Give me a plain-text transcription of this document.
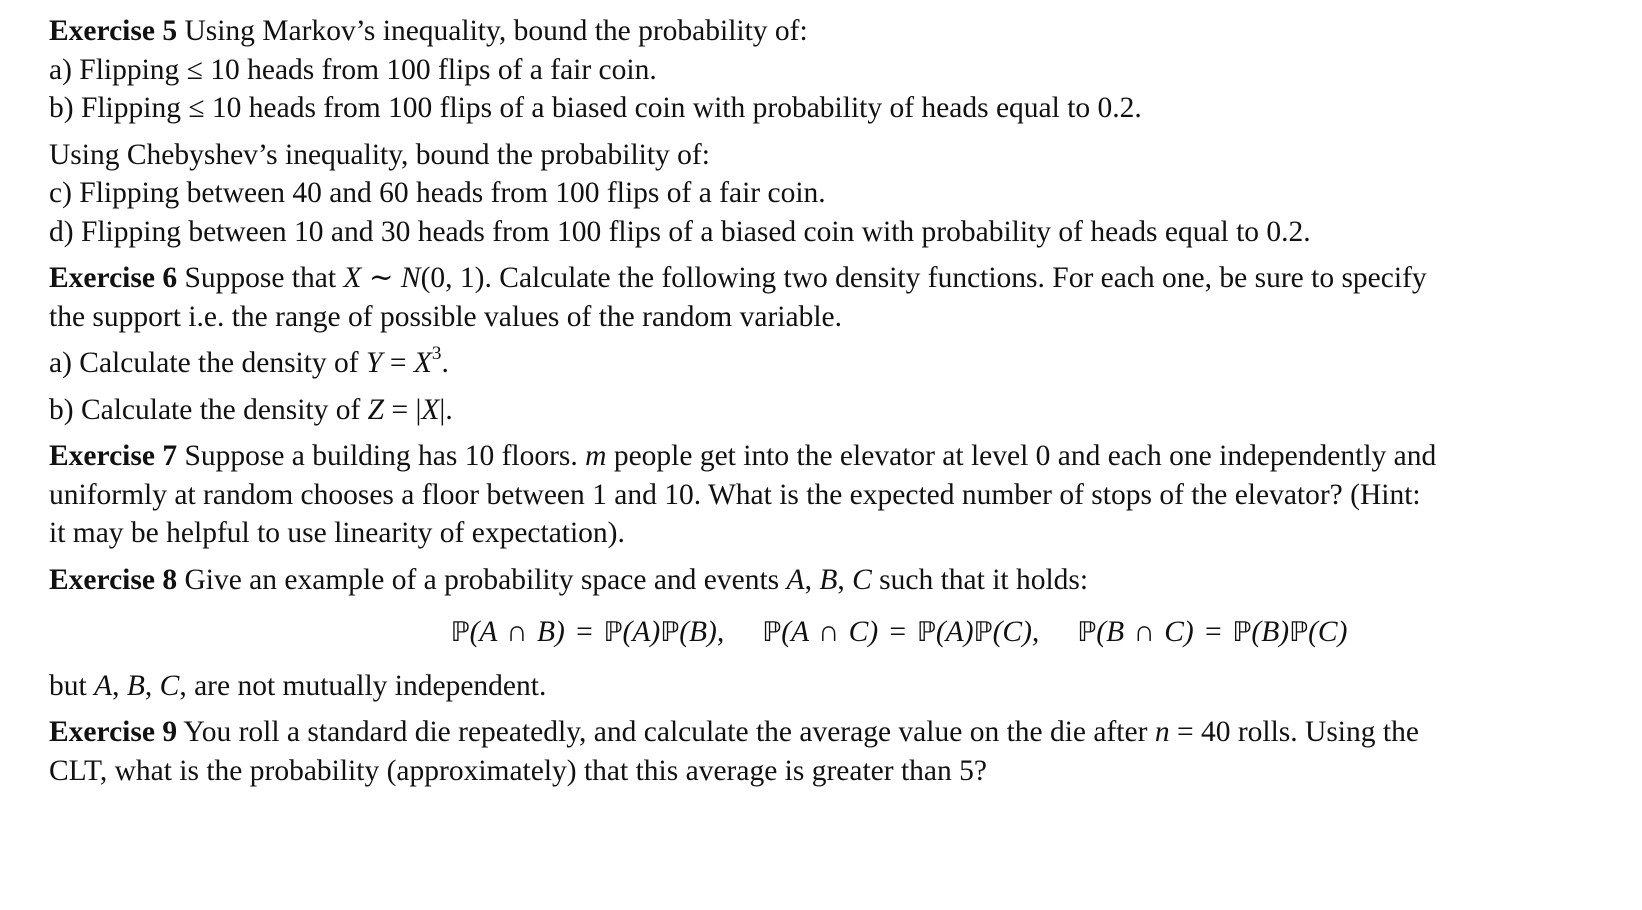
Exercise 5 Using Markov’s inequality, bound the probability of:
a) Flipping ≤ 10 heads from 100 flips of a fair coin.
b) Flipping ≤ 10 heads from 100 flips of a biased coin with probability of heads equal to 0.2.
Using Chebyshev’s inequality, bound the probability of:
c) Flipping between 40 and 60 heads from 100 flips of a fair coin.
d) Flipping between 10 and 30 heads from 100 flips of a biased coin with probability of heads equal to 0.2.
Exercise 6 Suppose that X ∼ N(0, 1). Calculate the following two density functions. For each one, be sure to specify
the support i.e. the range of possible values of the random variable.
a) Calculate the density of $Y = X^3$.
b) Calculate the density of Z = |X|.
Exercise 7 Suppose a building has 10 floors. m people get into the elevator at level 0 and each one independently and
uniformly at random chooses a floor between 1 and 10. What is the expected number of stops of the elevator? (Hint:
it may be helpful to use linearity of expectation).
Exercise 8 Give an example of a probability space and events A, B, C such that it holds:
ℙ(A ∩ B) = ℙ(A)ℙ(B), ℙ(A ∩ C) = ℙ(A)ℙ(C), ℙ(B ∩ C) = ℙ(B)ℙ(C)
but A, B, C, are not mutually independent.
Exercise 9 You roll a standard die repeatedly, and calculate the average value on the die after n = 40 rolls. Using the
CLT, what is the probability (approximately) that this average is greater than 5?
